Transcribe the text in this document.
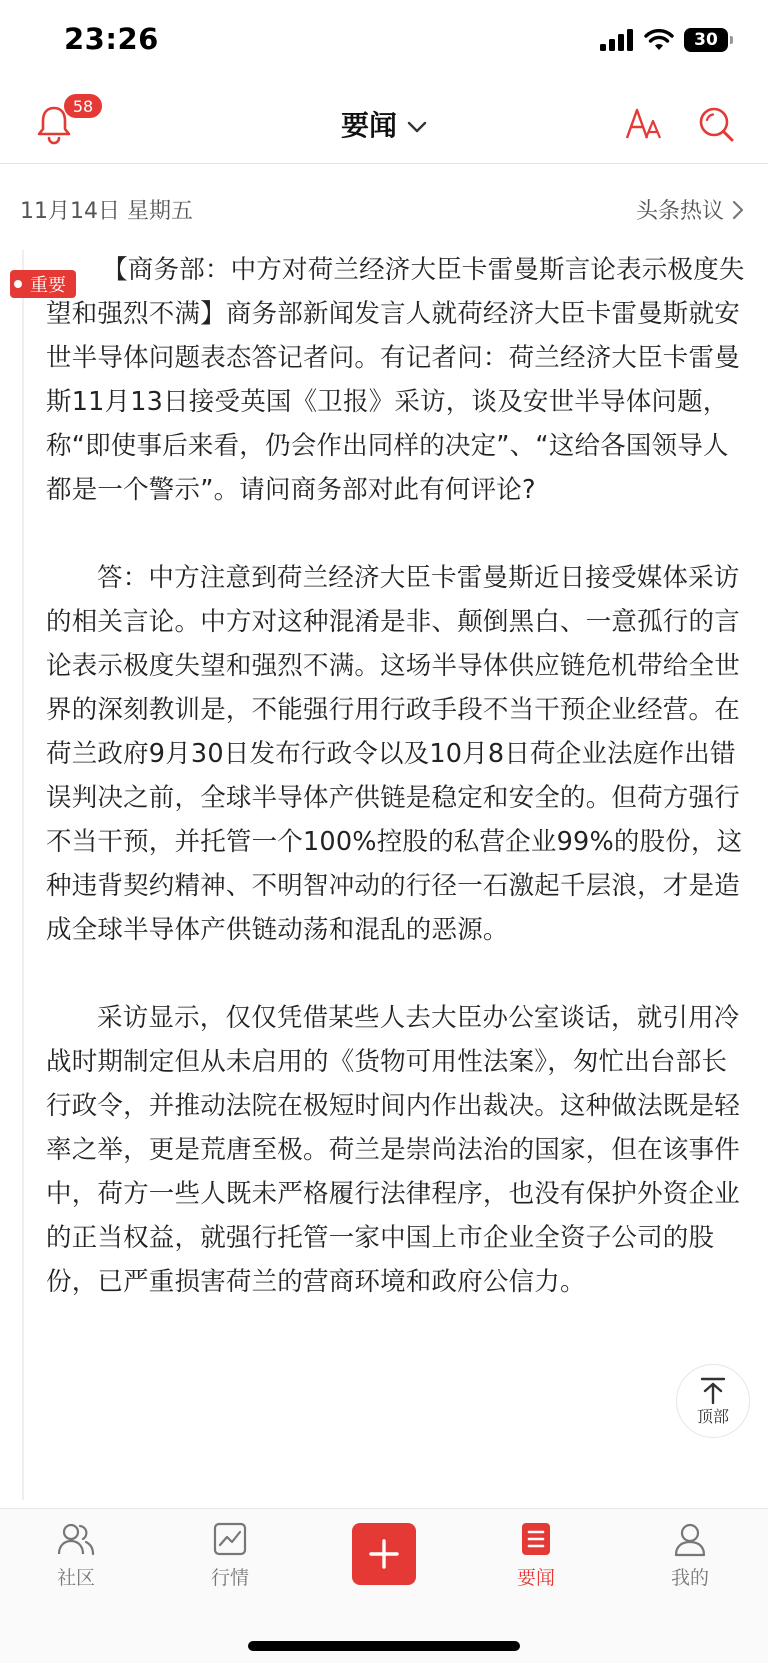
23:26	30
58
要闻
11月14日 星期五	头条热议
重要

【商务部：中方对荷兰经济大臣卡雷曼斯言论表示极度失望和强烈不满】商务部新闻发言人就荷经济大臣卡雷曼斯就安世半导体问题表态答记者问。有记者问：荷兰经济大臣卡雷曼斯11月13日接受英国《卫报》采访，谈及安世半导体问题，称“即使事后来看，仍会作出同样的决定”、“这给各国领导人都是一个警示”。请问商务部对此有何评论?

答：中方注意到荷兰经济大臣卡雷曼斯近日接受媒体采访的相关言论。中方对这种混淆是非、颠倒黑白、一意孤行的言论表示极度失望和强烈不满。这场半导体供应链危机带给全世界的深刻教训是，不能强行用行政手段不当干预企业经营。在荷兰政府9月30日发布行政令以及10月8日荷企业法庭作出错误判决之前，全球半导体产供链是稳定和安全的。但荷方强行不当干预，并托管一个100%控股的私营企业99%的股份，这种违背契约精神、不明智冲动的行径一石激起千层浪，才是造成全球半导体产供链动荡和混乱的恶源。

采访显示，仅仅凭借某些人去大臣办公室谈话，就引用冷战时期制定但从未启用的《货物可用性法案》，匆忙出台部长行政令，并推动法院在极短时间内作出裁决。这种做法既是轻率之举，更是荒唐至极。荷兰是崇尚法治的国家，但在该事件中，荷方一些人既未严格履行法律程序，也没有保护外资企业的正当权益，就强行托管一家中国上市企业全资子公司的股份，已严重损害荷兰的营商环境和政府公信力。

顶部
社区	行情	要闻	我的
